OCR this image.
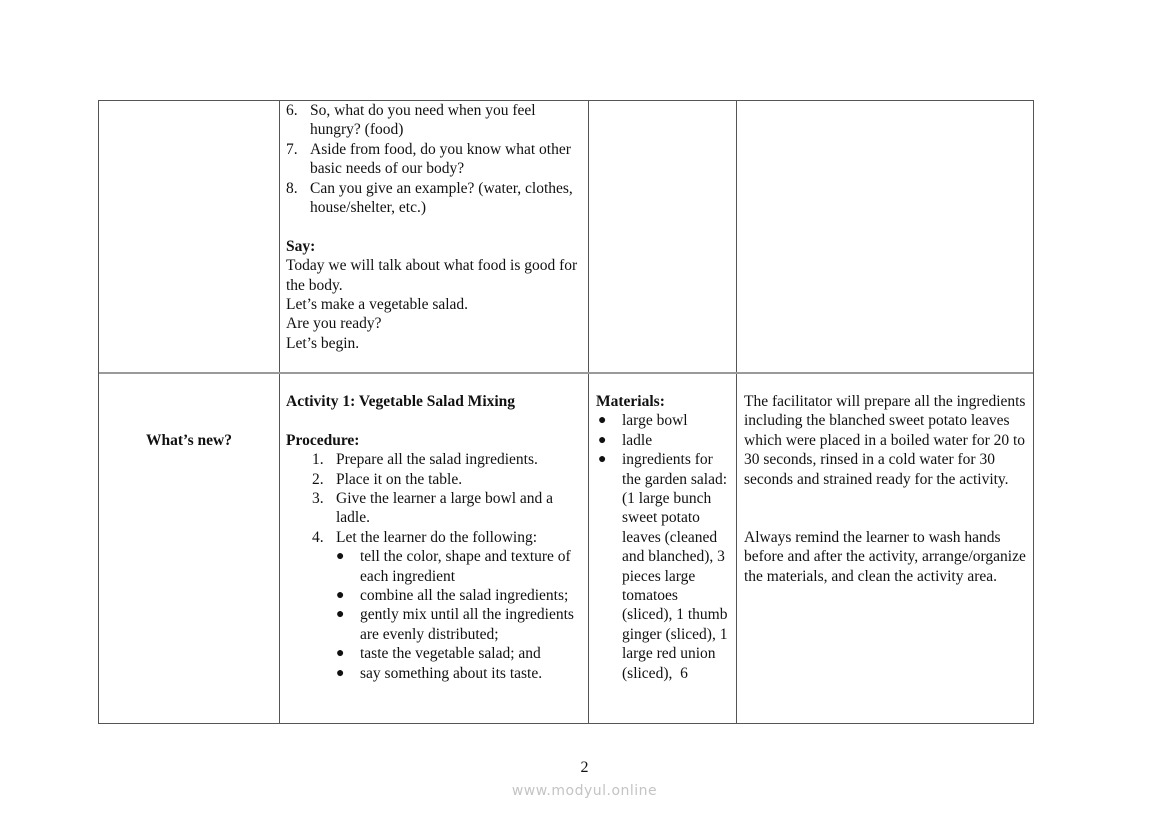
6. So, what do you need when you feel hungry? (food)
7. Aside from food, do you know what other basic needs of our body?
8. Can you give an example? (water, clothes, house/shelter, etc.)
Say:
Today we will talk about what food is good for the body.
Let’s make a vegetable salad.
Are you ready?
Let’s begin.
What’s new?
Activity 1: Vegetable Salad Mixing
Procedure:
1. Prepare all the salad ingredients.
2. Place it on the table.
3. Give the learner a large bowl and a ladle.
4. Let the learner do the following:
● tell the color, shape and texture of each ingredient
● combine all the salad ingredients;
● gently mix until all the ingredients are evenly distributed;
● taste the vegetable salad; and
● say something about its taste.
Materials:
● large bowl
● ladle
● ingredients for the garden salad: (1 large bunch sweet potato leaves (cleaned and blanched), 3 pieces large tomatoes (sliced), 1 thumb ginger (sliced), 1 large red union (sliced),  6
The facilitator will prepare all the ingredients including the blanched sweet potato leaves which were placed in a boiled water for 20 to 30 seconds, rinsed in a cold water for 30 seconds and strained ready for the activity.
Always remind the learner to wash hands before and after the activity, arrange/organize the materials, and clean the activity area.
2
www.modyul.online
